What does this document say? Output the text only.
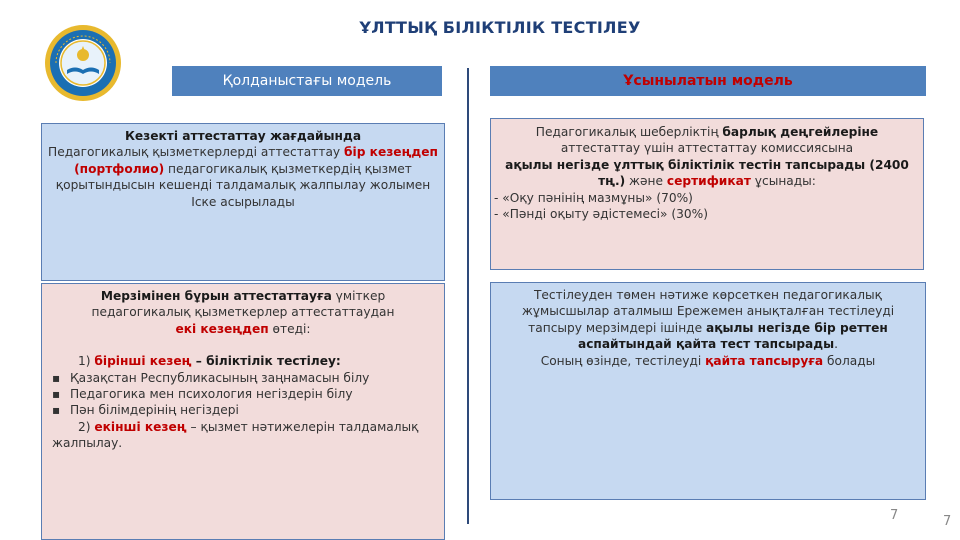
ҰЛТТЫҚ БІЛІКТІЛІК ТЕСТІЛЕУ
Қолданыстағы модель	Ұсынылатын модель
Кезекті аттестаттау жағдайында
Педагогикалық қызметкерлерді аттестаттау бір кезеңдеп (портфолио) педагогикалық қызметкердің қызмет қорытындысын кешенді талдамалық жалпылау жолымен Іске асырылады
Мерзімінен бұрын аттестаттауға үміткер педагогикалық қызметкерлер аттестаттаудан
екі кезеңдеп өтеді:
1) бірінші кезең – біліктілік тестілеу:
▪ Қазақстан Республикасының заңнамасын білу
▪ Педагогика мен психология негіздерін білу
▪ Пән білімдерінің негіздері
2) екінші кезең – қызмет нәтижелерін талдамалық жалпылау.
Педагогикалық шеберліктің барлық деңгейлеріне аттестаттау үшін аттестаттау комиссиясына
ақылы негізде ұлттық біліктілік тестін тапсырады (2400 тң.) және сертификат ұсынады:
- «Оқу пәнінің мазмұны» (70%)
- «Пәнді оқыту әдістемесі» (30%)
Тестілеуден төмен нәтиже көрсеткен педагогикалық жұмысшылар аталмыш Ережемен анықталған тестілеуді тапсыру мерзімдері ішінде ақылы негізде бір реттен аспайтындай қайта тест тапсырады.
Соның өзінде, тестілеуді қайта тапсыруға болады
7	7
